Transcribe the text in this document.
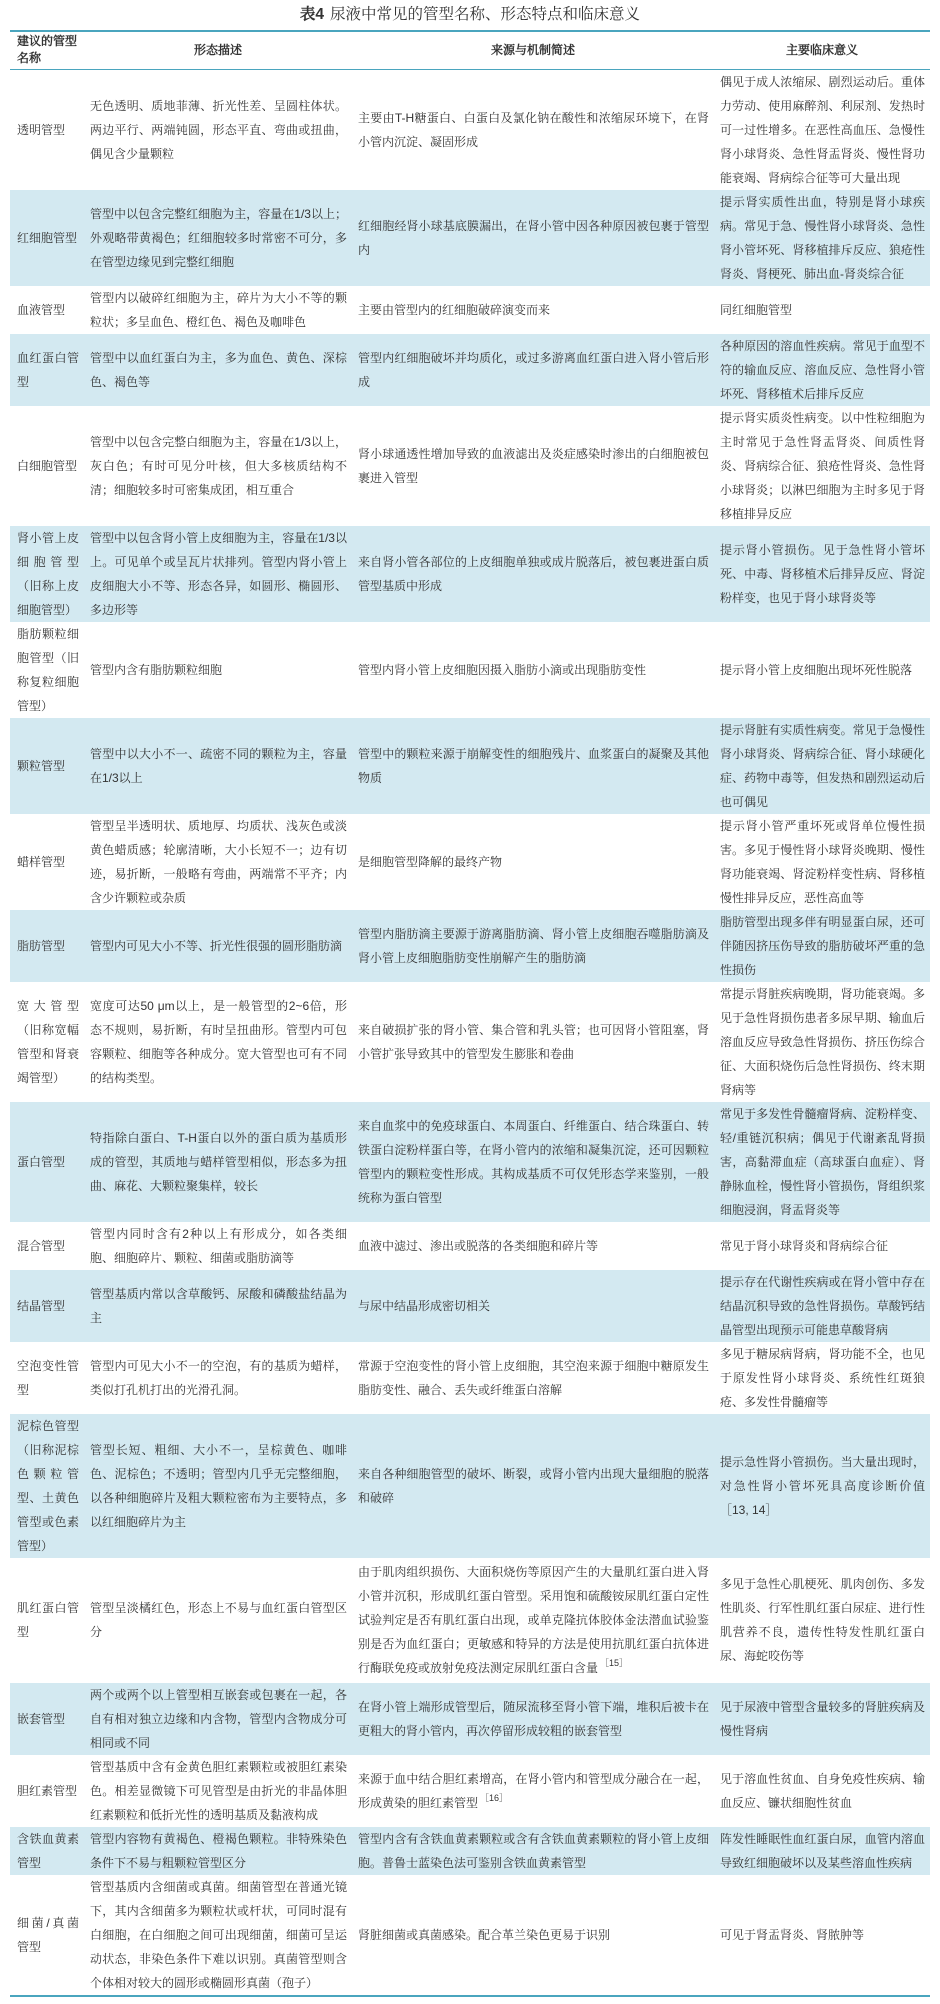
表4 尿液中常见的管型名称、形态特点和临床意义
建议的管型名称	形态描述	来源与机制简述	主要临床意义
透明管型	无色透明、质地菲薄、折光性差、呈圆柱体状。两边平行、两端钝圆，形态平直、弯曲或扭曲，偶见含少量颗粒	主要由T-H糖蛋白、白蛋白及氯化钠在酸性和浓缩尿环境下，在肾小管内沉淀、凝固形成	偶见于成人浓缩尿、剧烈运动后。重体力劳动、使用麻醉剂、利尿剂、发热时可一过性增多。在恶性高血压、急慢性肾小球肾炎、急性肾盂肾炎、慢性肾功能衰竭、肾病综合征等可大量出现
红细胞管型	管型中以包含完整红细胞为主，容量在1/3以上；外观略带黄褐色；红细胞较多时常密不可分，多在管型边缘见到完整红细胞	红细胞经肾小球基底膜漏出，在肾小管中因各种原因被包裹于管型内	提示肾实质性出血，特别是肾小球疾病。常见于急、慢性肾小球肾炎、急性肾小管坏死、肾移植排斥反应、狼疮性肾炎、肾梗死、肺出血-肾炎综合征
血液管型	管型内以破碎红细胞为主，碎片为大小不等的颗粒状；多呈血色、橙红色、褐色及咖啡色	主要由管型内的红细胞破碎演变而来	同红细胞管型
血红蛋白管型	管型中以血红蛋白为主，多为血色、黄色、深棕色、褐色等	管型内红细胞破坏并均质化，或过多游离血红蛋白进入肾小管后形成	各种原因的溶血性疾病。常见于血型不符的输血反应、溶血反应、急性肾小管坏死、肾移植术后排斥反应
白细胞管型	管型中以包含完整白细胞为主，容量在1/3以上，灰白色；有时可见分叶核，但大多核质结构不清；细胞较多时可密集成团，相互重合	肾小球通透性增加导致的血液滤出及炎症感染时渗出的白细胞被包裹进入管型	提示肾实质炎性病变。以中性粒细胞为主时常见于急性肾盂肾炎、间质性肾炎、肾病综合征、狼疮性肾炎、急性肾小球肾炎；以淋巴细胞为主时多见于肾移植排异反应
肾小管上皮细胞管型（旧称上皮细胞管型）	管型中以包含肾小管上皮细胞为主，容量在1/3以上。可见单个或呈瓦片状排列。管型内肾小管上皮细胞大小不等、形态各异，如圆形、椭圆形、多边形等	来自肾小管各部位的上皮细胞单独或成片脱落后，被包裹进蛋白质管型基质中形成	提示肾小管损伤。见于急性肾小管坏死、中毒、肾移植术后排异反应、肾淀粉样变，也见于肾小球肾炎等
脂肪颗粒细胞管型（旧称复粒细胞管型）	管型内含有脂肪颗粒细胞	管型内肾小管上皮细胞因摄入脂肪小滴或出现脂肪变性	提示肾小管上皮细胞出现坏死性脱落
颗粒管型	管型中以大小不一、疏密不同的颗粒为主，容量在1/3以上	管型中的颗粒来源于崩解变性的细胞残片、血浆蛋白的凝聚及其他物质	提示肾脏有实质性病变。常见于急慢性肾小球肾炎、肾病综合征、肾小球硬化症、药物中毒等，但发热和剧烈运动后也可偶见
蜡样管型	管型呈半透明状、质地厚、均质状、浅灰色或淡黄色蜡质感；轮廓清晰，大小长短不一；边有切迹，易折断，一般略有弯曲，两端常不平齐；内含少许颗粒或杂质	是细胞管型降解的最终产物	提示肾小管严重坏死或肾单位慢性损害。多见于慢性肾小球肾炎晚期、慢性肾功能衰竭、肾淀粉样变性病、肾移植慢性排异反应，恶性高血等
脂肪管型	管型内可见大小不等、折光性很强的圆形脂肪滴	管型内脂肪滴主要源于游离脂肪滴、肾小管上皮细胞吞噬脂肪滴及肾小管上皮细胞脂肪变性崩解产生的脂肪滴	脂肪管型出现多伴有明显蛋白尿，还可伴随因挤压伤导致的脂肪破坏严重的急性损伤
宽大管型（旧称宽幅管型和肾衰竭管型）	宽度可达50 μm以上，是一般管型的2~6倍，形态不规则，易折断，有时呈扭曲形。管型内可包容颗粒、细胞等各种成分。宽大管型也可有不同的结构类型。	来自破损扩张的肾小管、集合管和乳头管；也可因肾小管阻塞，肾小管扩张导致其中的管型发生膨胀和卷曲	常提示肾脏疾病晚期，肾功能衰竭。多见于急性肾损伤患者多尿早期、输血后溶血反应导致急性肾损伤、挤压伤综合征、大面积烧伤后急性肾损伤、终末期肾病等
蛋白管型	特指除白蛋白、T-H蛋白以外的蛋白质为基质形成的管型，其质地与蜡样管型相似，形态多为扭曲、麻花、大颗粒聚集样，较长	来自血浆中的免疫球蛋白、本周蛋白、纤维蛋白、结合珠蛋白、转铁蛋白淀粉样蛋白等，在肾小管内的浓缩和凝集沉淀，还可因颗粒管型内的颗粒变性形成。其构成基质不可仅凭形态学来鉴别，一般统称为蛋白管型	常见于多发性骨髓瘤肾病、淀粉样变、轻/重链沉积病；偶见于代谢紊乱肾损害，高黏滞血症（高球蛋白血症）、肾静脉血栓，慢性肾小管损伤，肾组织浆细胞浸润，肾盂肾炎等
混合管型	管型内同时含有2种以上有形成分，如各类细胞、细胞碎片、颗粒、细菌或脂肪滴等	血液中滤过、渗出或脱落的各类细胞和碎片等	常见于肾小球肾炎和肾病综合征
结晶管型	管型基质内常以含草酸钙、尿酸和磷酸盐结晶为主	与尿中结晶形成密切相关	提示存在代谢性疾病或在肾小管中存在结晶沉积导致的急性肾损伤。草酸钙结晶管型出现预示可能患草酸肾病
空泡变性管型	管型内可见大小不一的空泡，有的基质为蜡样，类似打孔机打出的光滑孔洞。	常源于空泡变性的肾小管上皮细胞，其空泡来源于细胞中糖原发生脂肪变性、融合、丢失或纤维蛋白溶解	多见于糖尿病肾病，肾功能不全，也见于原发性肾小球肾炎、系统性红斑狼疮、多发性骨髓瘤等
泥棕色管型（旧称泥棕色颗粒管型、土黄色管型或色素管型）	管型长短、粗细、大小不一，呈棕黄色、咖啡色、泥棕色；不透明；管型内几乎无完整细胞，以各种细胞碎片及粗大颗粒密布为主要特点，多以红细胞碎片为主	来自各种细胞管型的破坏、断裂，或肾小管内出现大量细胞的脱落和破碎	提示急性肾小管损伤。当大量出现时，对急性肾小管坏死具高度诊断价值［13, 14］
肌红蛋白管型	管型呈淡橘红色，形态上不易与血红蛋白管型区分	由于肌肉组织损伤、大面积烧伤等原因产生的大量肌红蛋白进入肾小管并沉积，形成肌红蛋白管型。采用饱和硫酸铵尿肌红蛋白定性试验判定是否有肌红蛋白出现，或单克隆抗体胶体金法潜血试验鉴别是否为血红蛋白；更敏感和特异的方法是使用抗肌红蛋白抗体进行酶联免疫或放射免疫法测定尿肌红蛋白含量 $^{[15]}$	多见于急性心肌梗死、肌肉创伤、多发性肌炎、行军性肌红蛋白尿症、进行性肌营养不良，遗传性特发性肌红蛋白尿、海蛇咬伤等
嵌套管型	两个或两个以上管型相互嵌套或包裹在一起，各自有相对独立边缘和内含物，管型内含物成分可相同或不同	在肾小管上端形成管型后，随尿流移至肾小管下端，堆积后被卡在更粗大的肾小管内，再次停留形成较粗的嵌套管型	见于尿液中管型含量较多的肾脏疾病及慢性肾病
胆红素管型	管型基质中含有金黄色胆红素颗粒或被胆红素染色。相差显微镜下可见管型是由折光的非晶体胆红素颗粒和低折光性的透明基质及黏液构成	来源于血中结合胆红素增高，在肾小管内和管型成分融合在一起，形成黄染的胆红素管型 $^{[16]}$	见于溶血性贫血、自身免疫性疾病、输血反应、镰状细胞性贫血
含铁血黄素管型	管型内容物有黄褐色、橙褐色颗粒。非特殊染色条件下不易与粗颗粒管型区分	管型内含有含铁血黄素颗粒或含有含铁血黄素颗粒的肾小管上皮细胞。普鲁士蓝染色法可鉴别含铁血黄素管型	阵发性睡眠性血红蛋白尿，血管内溶血导致红细胞破坏以及某些溶血性疾病
细菌/真菌管型	管型基质内含细菌或真菌。细菌管型在普通光镜下，其内含细菌多为颗粒状或杆状，可同时混有白细胞，在白细胞之间可出现细菌，细菌可呈运动状态，非染色条件下难以识别。真菌管型则含个体相对较大的圆形或椭圆形真菌（孢子）	肾脏细菌或真菌感染。配合革兰染色更易于识别	可见于肾盂肾炎、肾脓肿等
